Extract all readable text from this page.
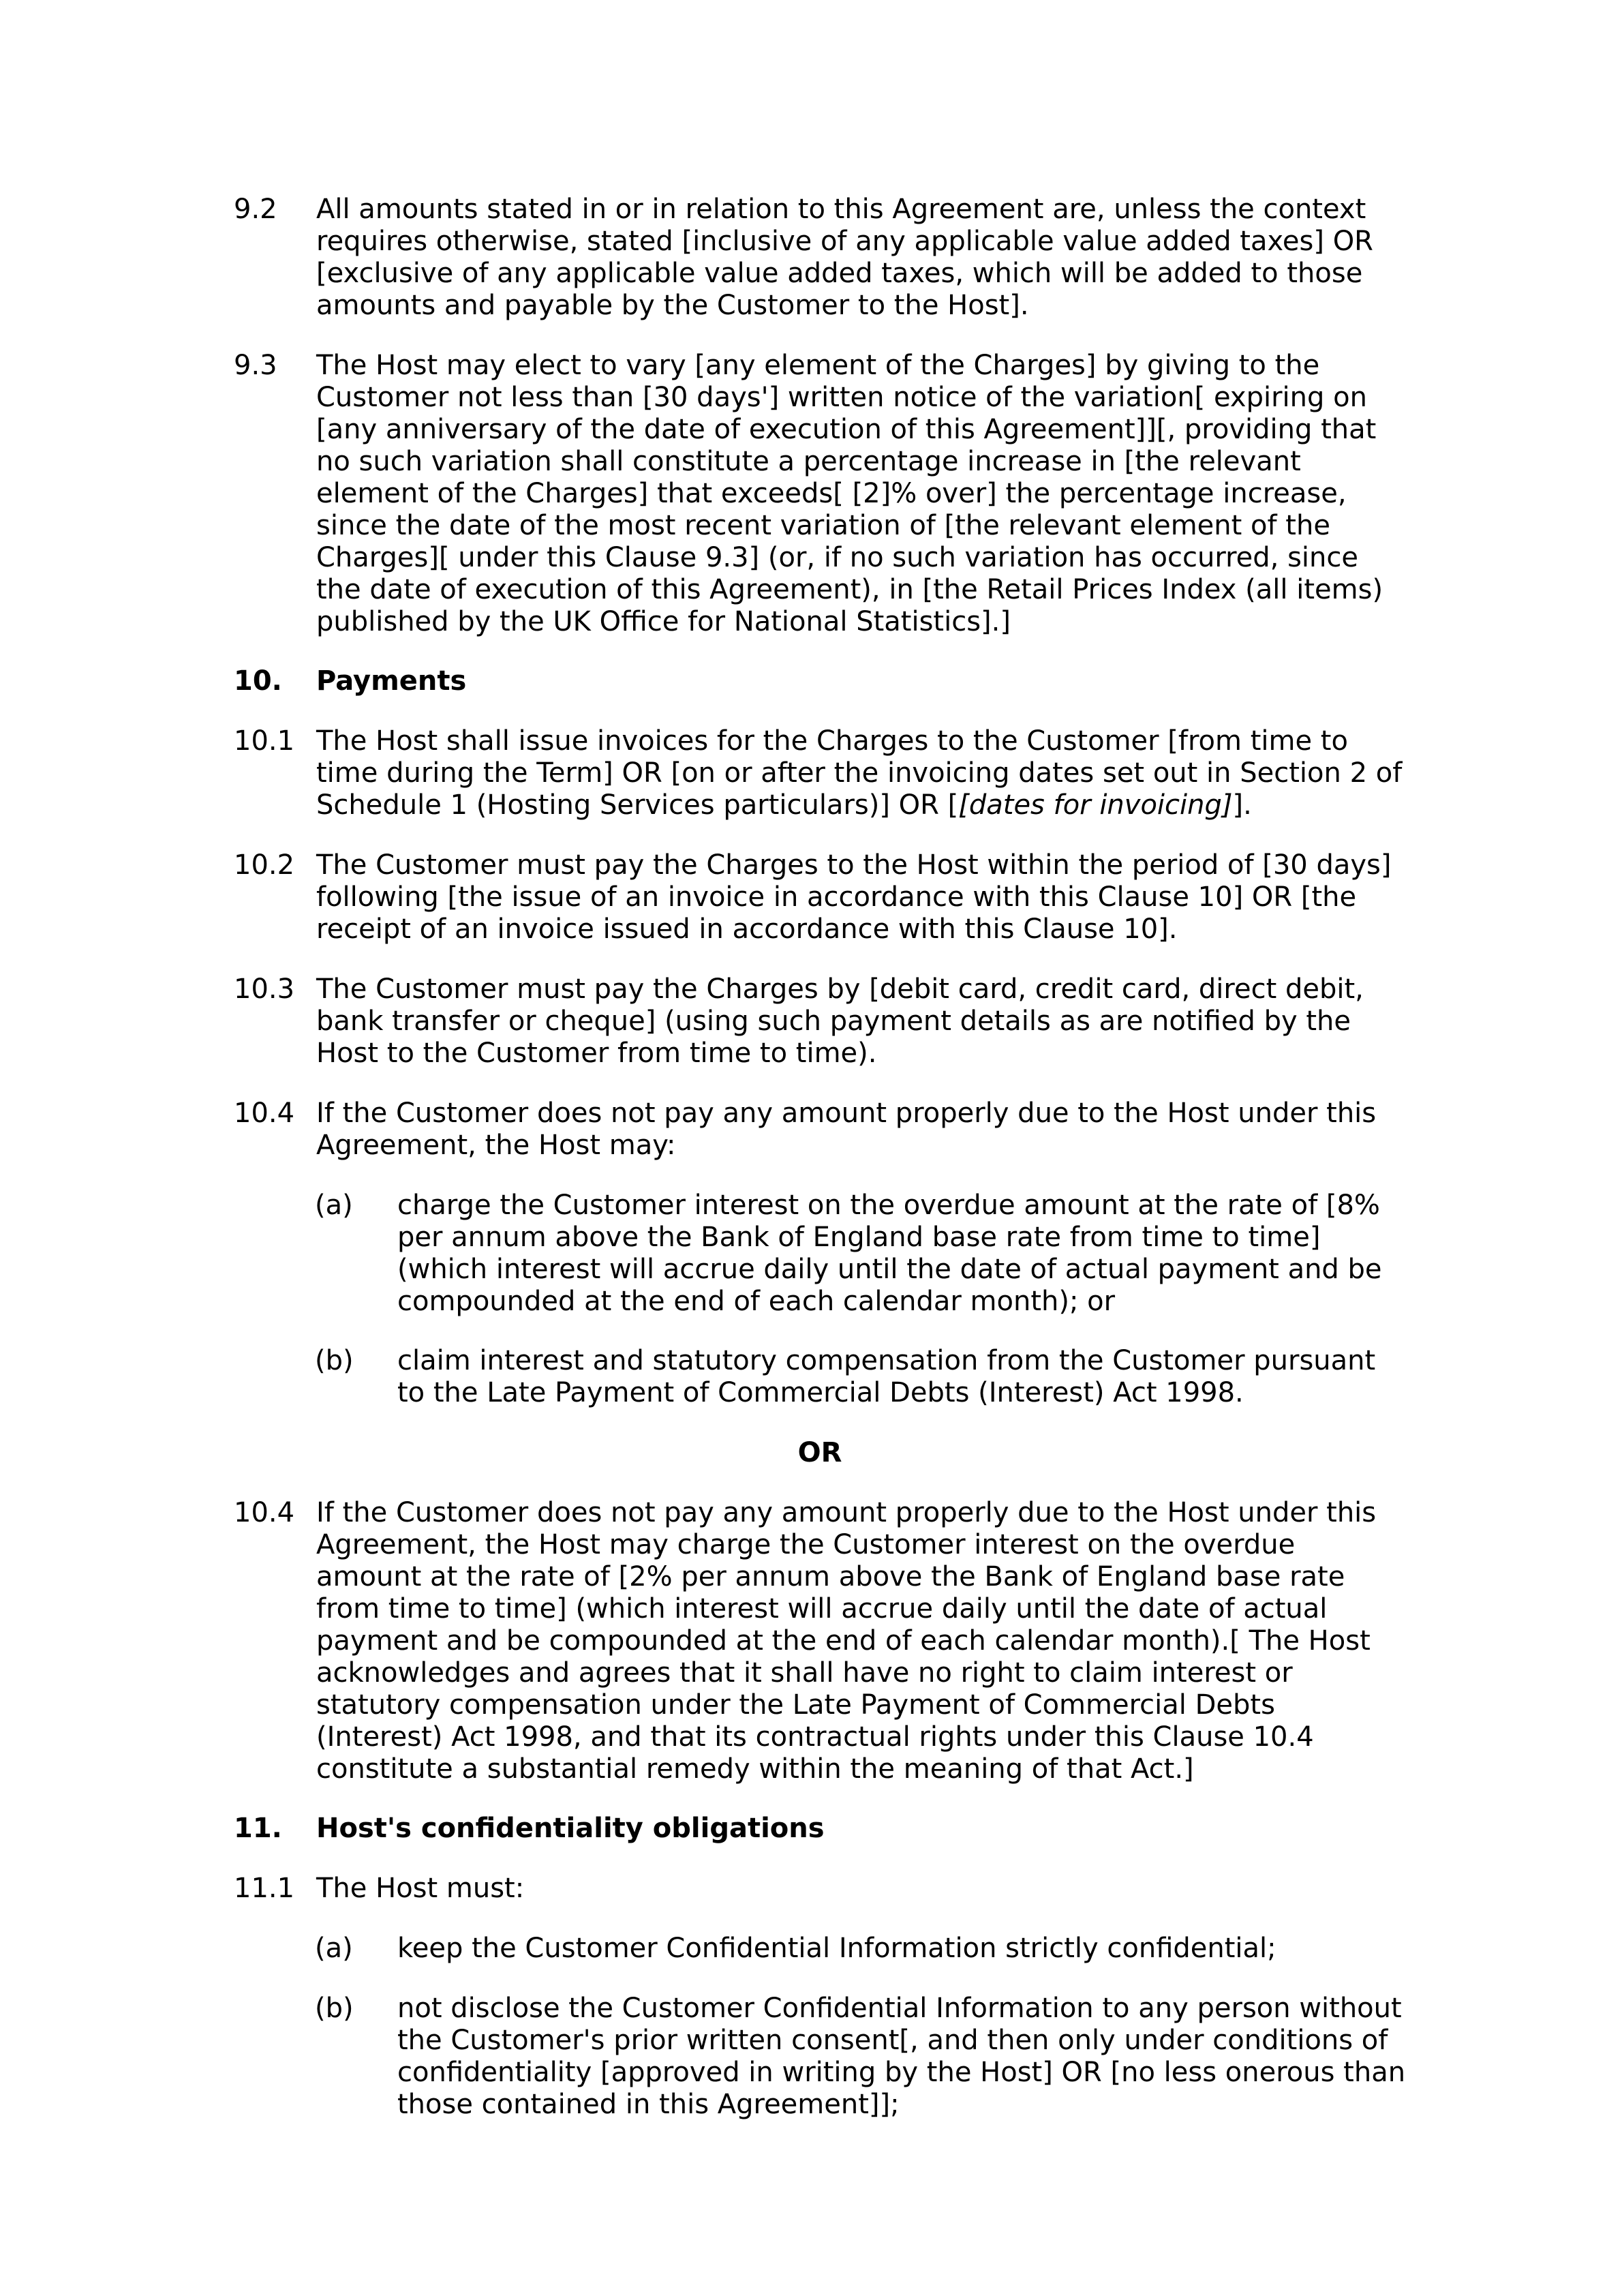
9.2 All amounts stated in or in relation to this Agreement are, unless the context requires otherwise, stated [inclusive of any applicable value added taxes] OR [exclusive of any applicable value added taxes, which will be added to those amounts and payable by the Customer to the Host].
9.3 The Host may elect to vary [any element of the Charges] by giving to the Customer not less than [30 days'] written notice of the variation[ expiring on [any anniversary of the date of execution of this Agreement]][, providing that no such variation shall constitute a percentage increase in [the relevant element of the Charges] that exceeds[ [2]% over] the percentage increase, since the date of the most recent variation of [the relevant element of the Charges][ under this Clause 9.3] (or, if no such variation has occurred, since the date of execution of this Agreement), in [the Retail Prices Index (all items) published by the UK Office for National Statistics].]
10. Payments
10.1 The Host shall issue invoices for the Charges to the Customer [from time to time during the Term] OR [on or after the invoicing dates set out in Section 2 of Schedule 1 (Hosting Services particulars)] OR [[dates for invoicing]].
10.2 The Customer must pay the Charges to the Host within the period of [30 days] following [the issue of an invoice in accordance with this Clause 10] OR [the receipt of an invoice issued in accordance with this Clause 10].
10.3 The Customer must pay the Charges by [debit card, credit card, direct debit, bank transfer or cheque] (using such payment details as are notified by the Host to the Customer from time to time).
10.4 If the Customer does not pay any amount properly due to the Host under this Agreement, the Host may:
(a) charge the Customer interest on the overdue amount at the rate of [8% per annum above the Bank of England base rate from time to time] (which interest will accrue daily until the date of actual payment and be compounded at the end of each calendar month); or
(b) claim interest and statutory compensation from the Customer pursuant to the Late Payment of Commercial Debts (Interest) Act 1998.
OR
10.4 If the Customer does not pay any amount properly due to the Host under this Agreement, the Host may charge the Customer interest on the overdue amount at the rate of [2% per annum above the Bank of England base rate from time to time] (which interest will accrue daily until the date of actual payment and be compounded at the end of each calendar month).[ The Host acknowledges and agrees that it shall have no right to claim interest or statutory compensation under the Late Payment of Commercial Debts (Interest) Act 1998, and that its contractual rights under this Clause 10.4 constitute a substantial remedy within the meaning of that Act.]
11. Host's confidentiality obligations
11.1 The Host must:
(a) keep the Customer Confidential Information strictly confidential;
(b) not disclose the Customer Confidential Information to any person without the Customer's prior written consent[, and then only under conditions of confidentiality [approved in writing by the Host] OR [no less onerous than those contained in this Agreement]];
